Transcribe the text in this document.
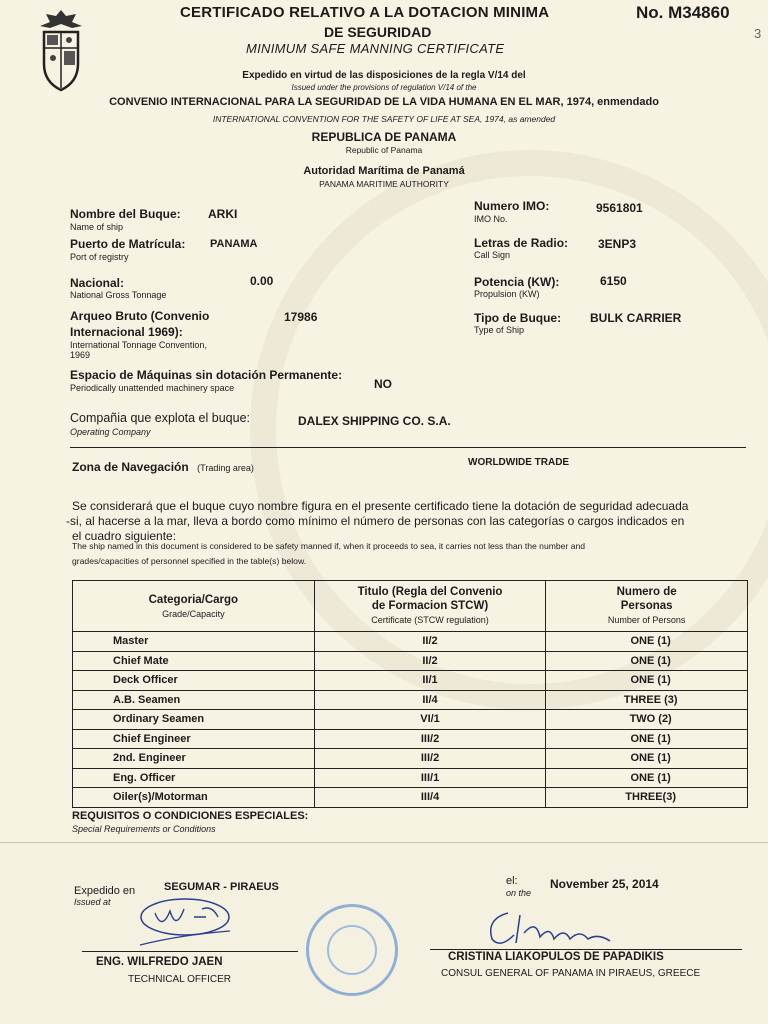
CERTIFICADO RELATIVO A LA DOTACION MINIMA	No. M34860
3
DE SEGURIDAD
MINIMUM SAFE MANNING CERTIFICATE
Expedido en virtud de las disposiciones de la regla V/14 del
Issued under the provisions of regulation V/14 of the
CONVENIO INTERNACIONAL PARA LA SEGURIDAD DE LA VIDA HUMANA EN EL MAR, 1974, enmendado
INTERNATIONAL CONVENTION FOR THE SAFETY OF LIFE AT SEA, 1974, as amended
REPUBLICA DE PANAMA
Republic of Panama
Autoridad Marítima de Panamá
PANAMA MARITIME AUTHORITY
Nombre del Buque:
Name of ship
ARKI
Puerto de Matrícula:
Port of registry
PANAMA
Nacional:
National Gross Tonnage
0.00
Arqueo Bruto (Convenio
Internacional 1969):
International Tonnage Convention,
1969
17986
Numero IMO:
IMO No.
9561801
Letras de Radio:
Call Sign
3ENP3
Potencia (KW):
Propulsion (KW)
6150
Tipo de Buque:
Type of Ship
BULK CARRIER
Espacio de Máquinas sin dotación Permanente:
Periodically unattended machinery space	NO
Compañia que explota el buque:
Operating Company
DALEX SHIPPING CO. S.A.
Zona de Navegación (Trading area)	WORLDWIDE TRADE
Se considerará que el buque cuyo nombre figura en el presente certificado tiene la dotación de seguridad adecuada
-si, al hacerse a la mar, lleva a bordo como mínimo el número de personas con las categorías o cargos indicados en
el cuadro siguiente:
The ship named in this document is considered to be safety manned if, when it proceeds to sea, it carries not less than the number and
grades/capacities of personnel specified in the table(s) below.
Categoria/Cargo
Grade/Capacity	Titulo (Regla del Convenio
de Formacion STCW)
Certificate (STCW regulation)	Numero de
Personas
Number of Persons

Master	II/2	ONE (1)
Chief Mate	II/2	ONE (1)
Deck Officer	II/1	ONE (1)
A.B. Seamen	II/4	THREE (3)
Ordinary Seamen	VI/1	TWO (2)
Chief Engineer	III/2	ONE (1)
2nd. Engineer	III/2	ONE (1)
Eng. Officer	III/1	ONE (1)
Oiler(s)/Motorman	III/4	THREE(3)
REQUISITOS O CONDICIONES ESPECIALES:
Special Requirements or Conditions
Expedido en
Issued at
SEGUMAR - PIRAEUS	el:
on the
November 25, 2014
ENG. WILFREDO JAEN
TECHNICAL OFFICER
CRISTINA LIAKOPULOS DE PAPADIKIS
CONSUL GENERAL OF PANAMA IN PIRAEUS, GREECE
